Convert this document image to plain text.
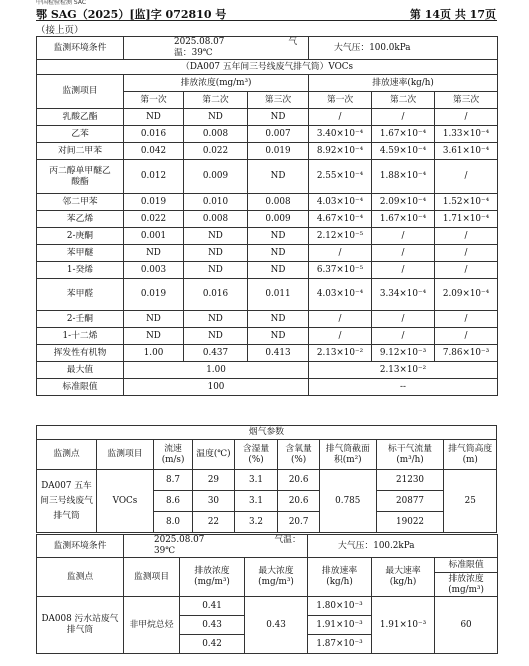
中国检验检测 SAC
鄂 SAG（2025）[监]字 072810 号	第 14页 共 17页
（接上页）
监测环境条件	2025.08.07 气温：39℃			大气压：100.0kPa		
（DA007 五年间三号线废气排气筒）VOCs						
监测项目	排放浓度(mg/m³)			排放速率(kg/h)		
	第一次	第二次	第三次	第一次	第二次	第三次
乳酸乙酯	ND	ND	ND	/	/	/
乙苯	0.016	0.008	0.007	3.40×10⁻⁴	1.67×10⁻⁴	1.33×10⁻⁴
对间二甲苯	0.042	0.022	0.019	8.92×10⁻⁴	4.59×10⁻⁴	3.61×10⁻⁴
丙二醇单甲醚乙酸酯	0.012	0.009	ND	2.55×10⁻⁴	1.88×10⁻⁴	/
邻二甲苯	0.019	0.010	0.008	4.03×10⁻⁴	2.09×10⁻⁴	1.52×10⁻⁴
苯乙烯	0.022	0.008	0.009	4.67×10⁻⁴	1.67×10⁻⁴	1.71×10⁻⁴
2-庚酮	0.001	ND	ND	2.12×10⁻⁵	/	/
苯甲醚	ND	ND	ND	/	/	/
1-癸烯	0.003	ND	ND	6.37×10⁻⁵	/	/
苯甲醛	0.019	0.016	0.011	4.03×10⁻⁴	3.34×10⁻⁴	2.09×10⁻⁴
2-壬酮	ND	ND	ND	/	/	/
1-十二烯	ND	ND	ND	/	/	/
挥发性有机物	1.00	0.437	0.413	2.13×10⁻²	9.12×10⁻³	7.86×10⁻³
最大值	1.00			2.13×10⁻²		
标准限值	100			--		
烟气参数								
监测点	监测项目	流速(m/s)	温度(℃)	含湿量(%)	含氧量(%)	排气筒截面积(m²)	标干气流量(m³/h)	排气筒高度(m)
DA007 五车间三号线废气排气筒	VOCs	8.7	29	3.1	20.6	0.785	21230	25
		8.6	30	3.1	20.6		20877	
		8.0	22	3.2	20.7		19022	
监测环境条件	2025.08.07 气温：39℃			大气压：100.2kPa		
监测点	监测项目	排放浓度(mg/m³)	最大浓度(mg/m³)	排放速率(kg/h)	最大速率(kg/h)	标准限值
						排放浓度(mg/m³)
DA008 污水站废气排气筒	非甲烷总烃	0.41	0.43	1.80×10⁻³	1.91×10⁻³	60
		0.43		1.91×10⁻³		
		0.42		1.87×10⁻³		
